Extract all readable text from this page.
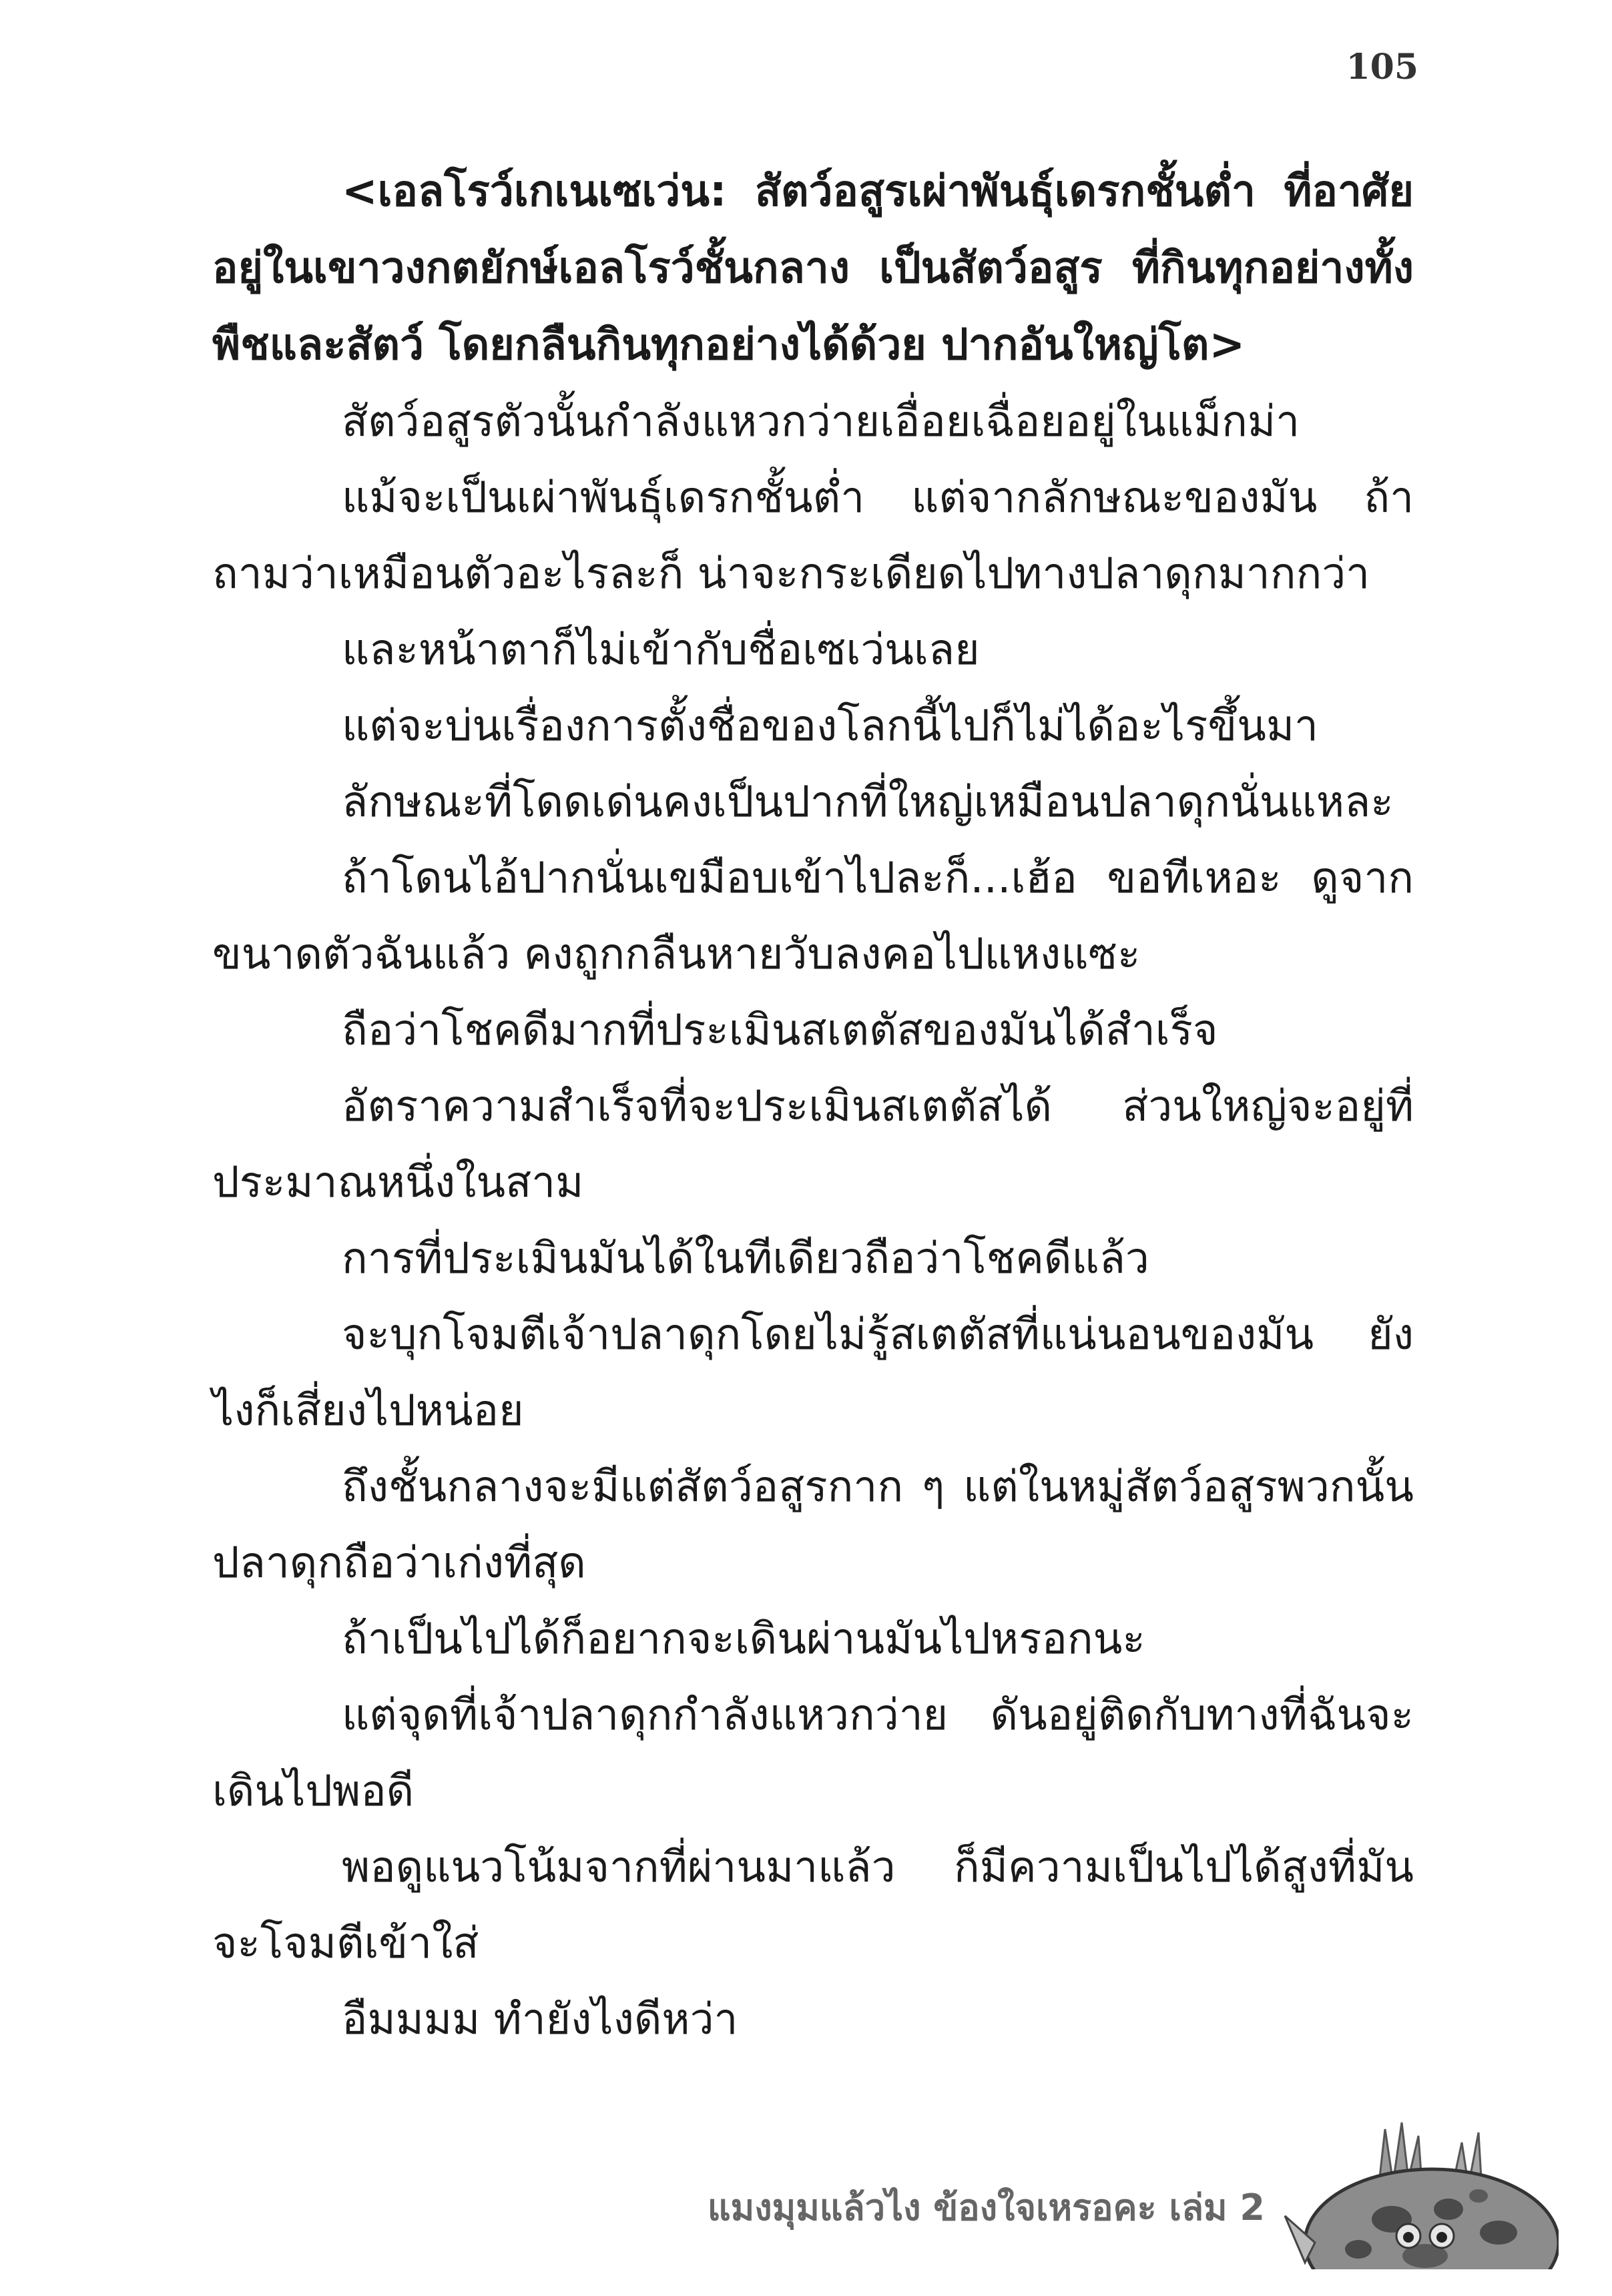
105

<เอลโรว์เกเนเซเว่น: สัตว์อสูรเผ่าพันธุ์เดรกชั้นต่ำ ที่อาศัยอยู่ในเขาวงกตยักษ์เอลโรว์ชั้นกลาง เป็นสัตว์อสูร ที่กินทุกอย่างทั้งพืชและสัตว์ โดยกลืนกินทุกอย่างได้ด้วย ปากอันใหญ่โต>

สัตว์อสูรตัวนั้นกำลังแหวกว่ายเอื่อยเฉื่อยอยู่ในแม็กม่า

แม้จะเป็นเผ่าพันธุ์เดรกชั้นต่ำ แต่จากลักษณะของมัน ถ้าถามว่าเหมือนตัวอะไรละก็ น่าจะกระเดียดไปทางปลาดุกมากกว่า

และหน้าตาก็ไม่เข้ากับชื่อเซเว่นเลย

แต่จะบ่นเรื่องการตั้งชื่อของโลกนี้ไปก็ไม่ได้อะไรขึ้นมา

ลักษณะที่โดดเด่นคงเป็นปากที่ใหญ่เหมือนปลาดุกนั่นแหละ

ถ้าโดนไอ้ปากนั่นเขมือบเข้าไปละก็...เฮ้อ ขอทีเหอะ ดูจากขนาดตัวฉันแล้ว คงถูกกลืนหายวับลงคอไปแหงแซะ

ถือว่าโชคดีมากที่ประเมินสเตตัสของมันได้สำเร็จ

อัตราความสำเร็จที่จะประเมินสเตตัสได้ ส่วนใหญ่จะอยู่ที่ประมาณหนึ่งในสาม

การที่ประเมินมันได้ในทีเดียวถือว่าโชคดีแล้ว

จะบุกโจมตีเจ้าปลาดุกโดยไม่รู้สเตตัสที่แน่นอนของมัน ยังไงก็เสี่ยงไปหน่อย

ถึงชั้นกลางจะมีแต่สัตว์อสูรกาก ๆ แต่ในหมู่สัตว์อสูรพวกนั้น ปลาดุกถือว่าเก่งที่สุด

ถ้าเป็นไปได้ก็อยากจะเดินผ่านมันไปหรอกนะ

แต่จุดที่เจ้าปลาดุกกำลังแหวกว่าย ดันอยู่ติดกับทางที่ฉันจะเดินไปพอดี

พอดูแนวโน้มจากที่ผ่านมาแล้ว ก็มีความเป็นไปได้สูงที่มันจะโจมตีเข้าใส่

อืมมมม ทำยังไงดีหว่า

แมงมุมแล้วไง ข้องใจเหรอคะ เล่ม 2
